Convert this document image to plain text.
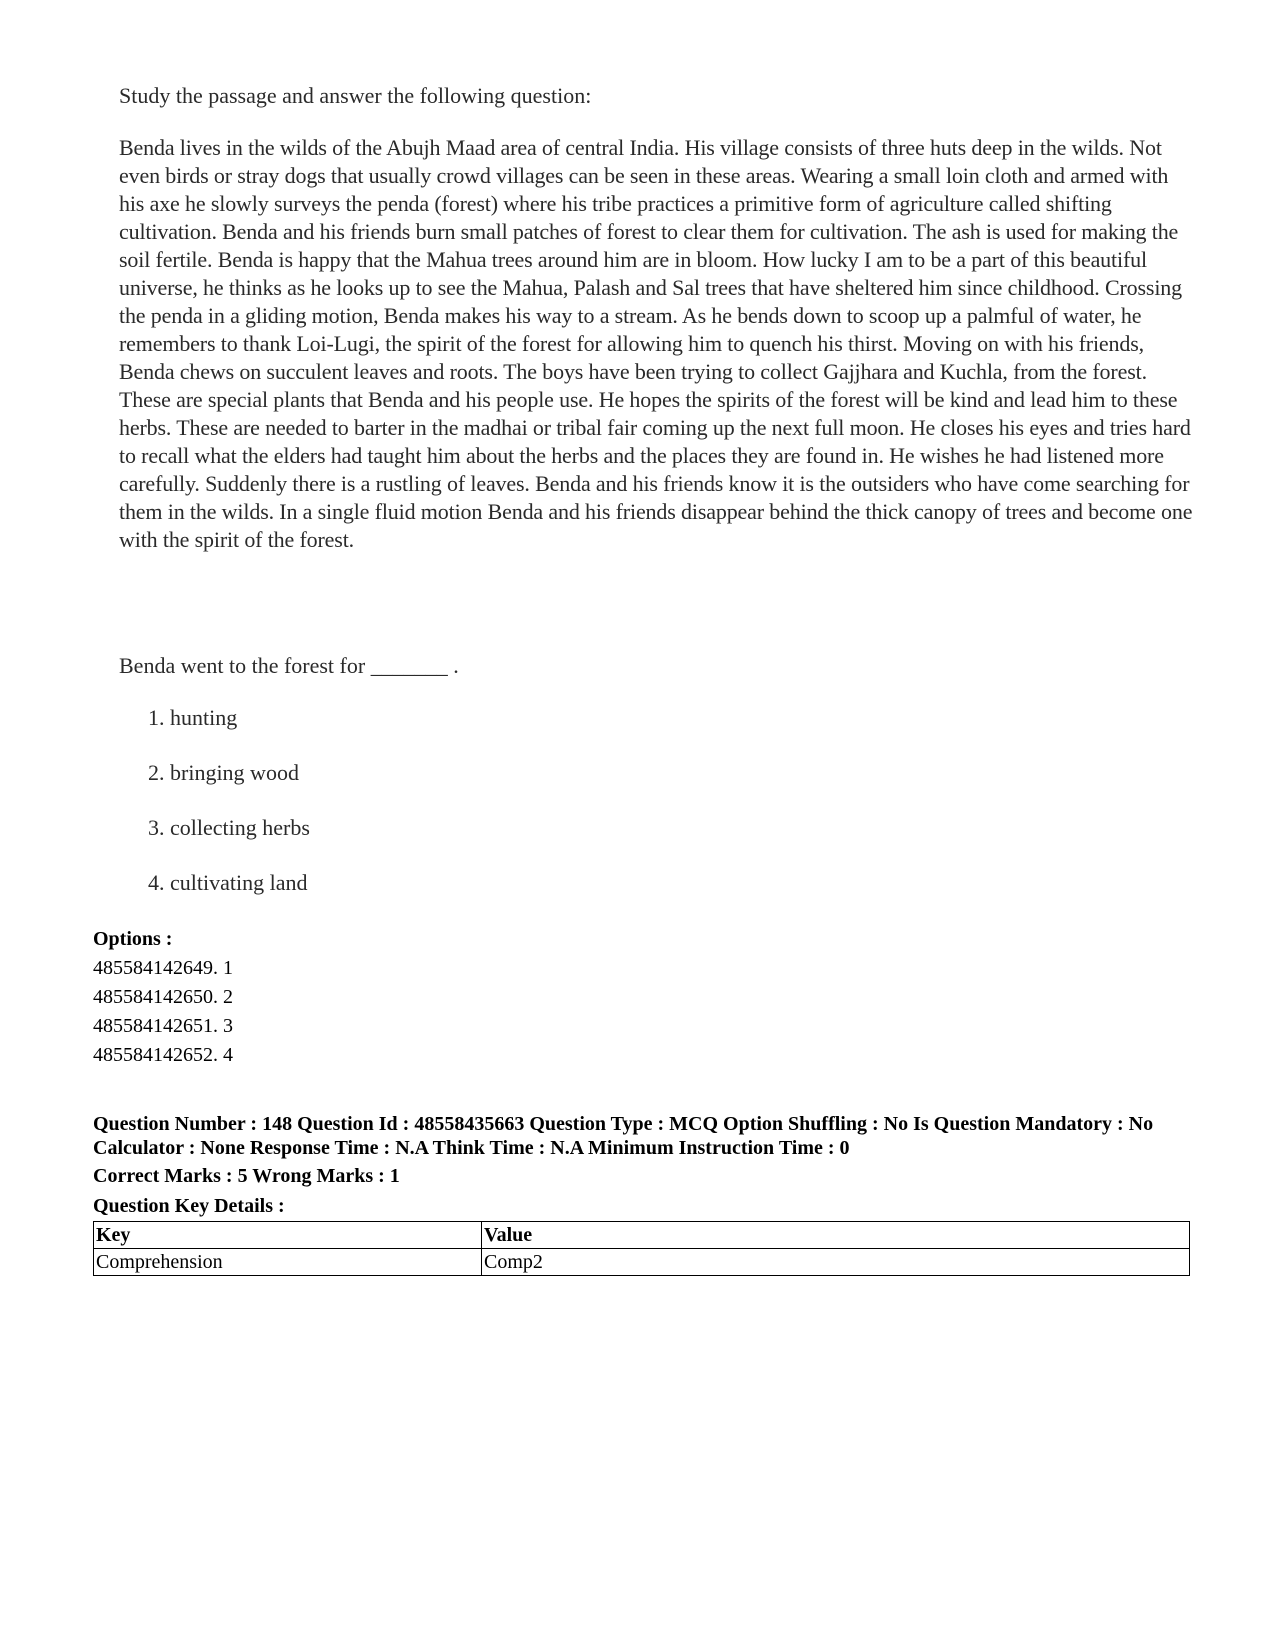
Study the passage and answer the following question:

Benda lives in the wilds of the Abujh Maad area of central India. His village consists of three huts deep in the wilds. Not even birds or stray dogs that usually crowd villages can be seen in these areas. Wearing a small loin cloth and armed with his axe he slowly surveys the penda (forest) where his tribe practices a primitive form of agriculture called shifting cultivation. Benda and his friends burn small patches of forest to clear them for cultivation. The ash is used for making the soil fertile. Benda is happy that the Mahua trees around him are in bloom. How lucky I am to be a part of this beautiful universe, he thinks as he looks up to see the Mahua, Palash and Sal trees that have sheltered him since childhood. Crossing the penda in a gliding motion, Benda makes his way to a stream. As he bends down to scoop up a palmful of water, he remembers to thank Loi-Lugi, the spirit of the forest for allowing him to quench his thirst. Moving on with his friends, Benda chews on succulent leaves and roots. The boys have been trying to collect Gajjhara and Kuchla, from the forest. These are special plants that Benda and his people use. He hopes the spirits of the forest will be kind and lead him to these herbs. These are needed to barter in the madhai or tribal fair coming up the next full moon. He closes his eyes and tries hard to recall what the elders had taught him about the herbs and the places they are found in. He wishes he had listened more carefully. Suddenly there is a rustling of leaves. Benda and his friends know it is the outsiders who have come searching for them in the wilds. In a single fluid motion Benda and his friends disappear behind the thick canopy of trees and become one with the spirit of the forest.

Benda went to the forest for _______ .

1. hunting
2. bringing wood
3. collecting herbs
4. cultivating land
Options :
485584142649. 1
485584142650. 2
485584142651. 3
485584142652. 4
Question Number : 148 Question Id : 48558435663 Question Type : MCQ Option Shuffling : No Is Question Mandatory : No Calculator : None Response Time : N.A Think Time : N.A Minimum Instruction Time : 0
Correct Marks : 5 Wrong Marks : 1
Question Key Details :
Key	Value
Comprehension	Comp2
